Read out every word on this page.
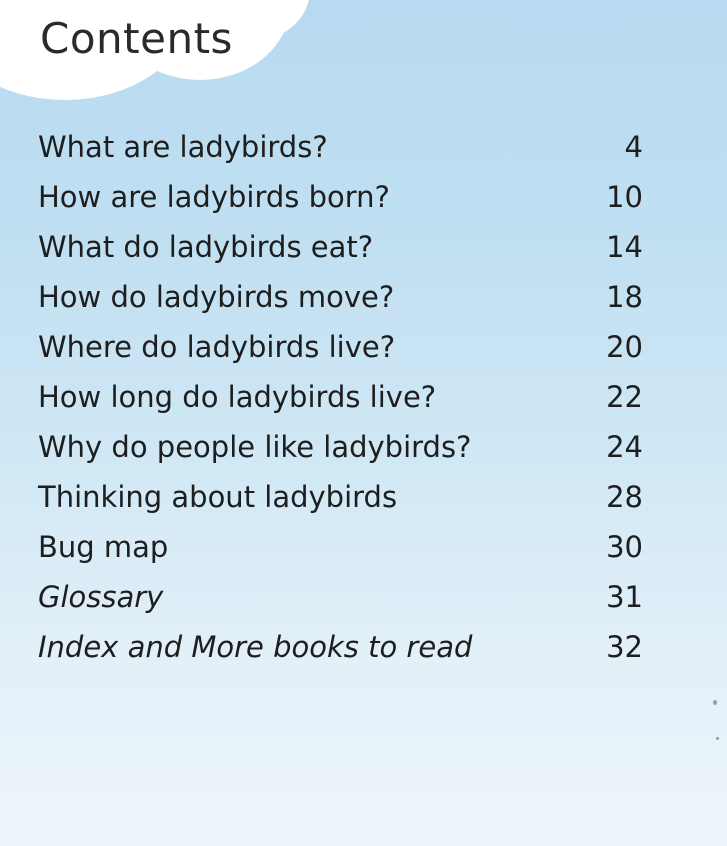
Contents
What are ladybirds?	4
How are ladybirds born?	10
What do ladybirds eat?	14
How do ladybirds move?	18
Where do ladybirds live?	20
How long do ladybirds live?	22
Why do people like ladybirds?	24
Thinking about ladybirds	28
Bug map	30
Glossary	31
Index and More books to read	32
